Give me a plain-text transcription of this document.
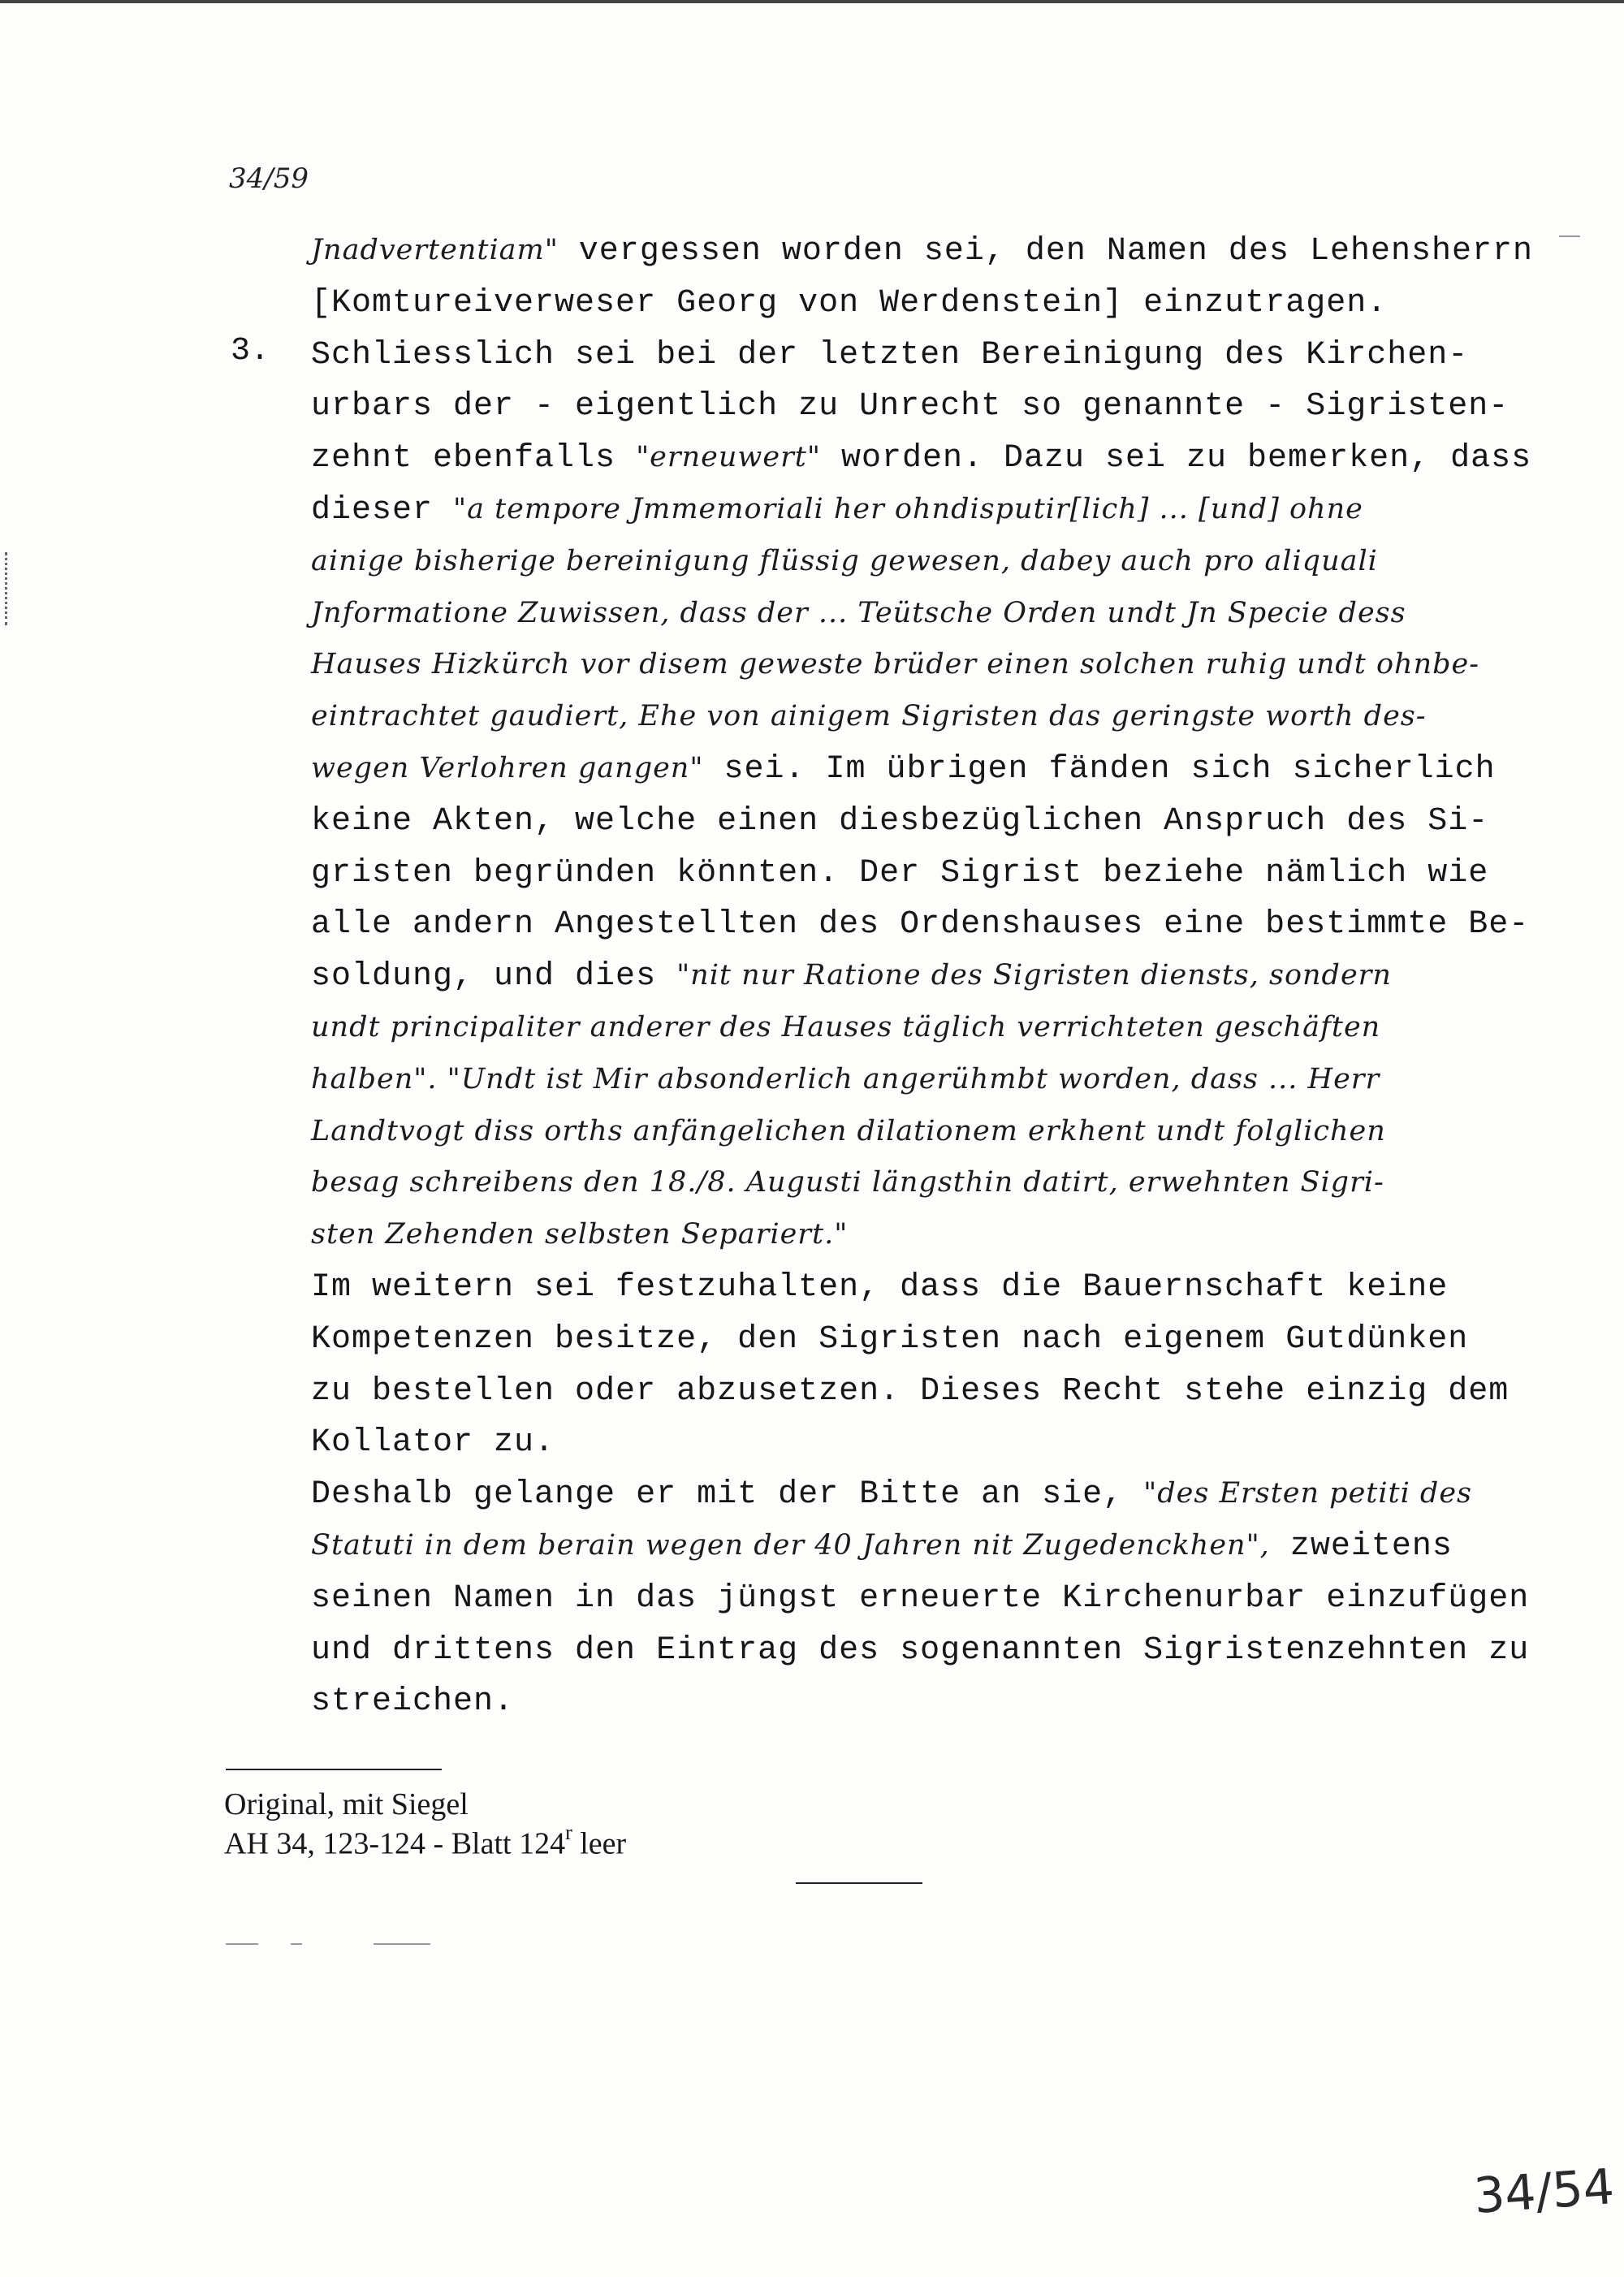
34/59
Jnadvertentiam" vergessen worden sei, den Namen des Lehensherrn
[Komtureiverweser Georg von Werdenstein] einzutragen.
3. Schliesslich sei bei der letzten Bereinigung des Kirchen-
urbars der - eigentlich zu Unrecht so genannte - Sigristen-
zehnt ebenfalls "erneuwert" worden. Dazu sei zu bemerken, dass
dieser "a tempore Jmmemoriali her ohndisputir[lich] ... [und] ohne
ainige bisherige bereinigung flüssig gewesen, dabey auch pro aliquali
Jnformatione Zuwissen, dass der ... Teütsche Orden undt Jn Specie dess
Hauses Hizkürch vor disem geweste brüder einen solchen ruhig undt ohnbe-
eintrachtet gaudiert, Ehe von ainigem Sigristen das geringste worth des-
wegen Verlohren gangen" sei. Im übrigen fänden sich sicherlich
keine Akten, welche einen diesbezüglichen Anspruch des Si-
gristen begründen könnten. Der Sigrist beziehe nämlich wie
alle andern Angestellten des Ordenshauses eine bestimmte Be-
soldung, und dies "nit nur Ratione des Sigristen diensts, sondern
undt principaliter anderer des Hauses täglich verrichteten geschäften
halben". "Undt ist Mir absonderlich angerühmbt worden, dass ... Herr
Landtvogt diss orths anfängelichen dilationem erkhent undt folglichen
besag schreibens den 18./8. Augusti längsthin datirt, erwehnten Sigri-
sten Zehenden selbsten Separiert."
Im weitern sei festzuhalten, dass die Bauernschaft keine
Kompetenzen besitze, den Sigristen nach eigenem Gutdünken
zu bestellen oder abzusetzen. Dieses Recht stehe einzig dem
Kollator zu.
Deshalb gelange er mit der Bitte an sie, "des Ersten petiti des
Statuti in dem berain wegen der 40 Jahren nit Zugedenckhen", zweitens
seinen Namen in das jüngst erneuerte Kirchenurbar einzufügen
und drittens den Eintrag des sogenannten Sigristenzehnten zu
streichen.
Original, mit Siegel
AH 34, 123-124 - Blatt 124$^r$ leer
34/54
